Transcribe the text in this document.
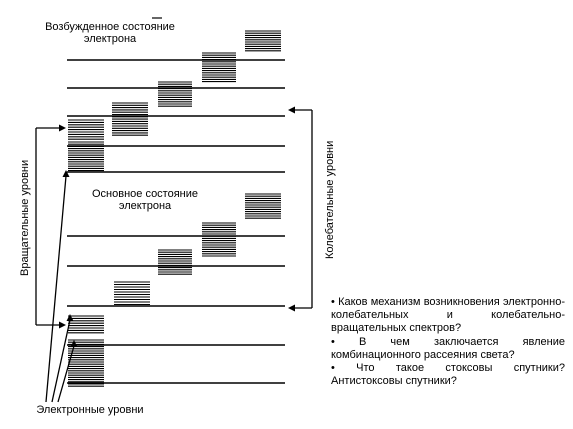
Возбужденное состояние
электрона
Основное состояние
электрона
Вращательные уровни	Колебательные уровни
Электронные уровни

• Каков механизм возникновения электронно-колебательных и колебательно-вращательных спектров?

• В чем заключается явление комбинационного рассеяния света?

• Что такое стоксовы спутники? Антистоксовы спутники?
